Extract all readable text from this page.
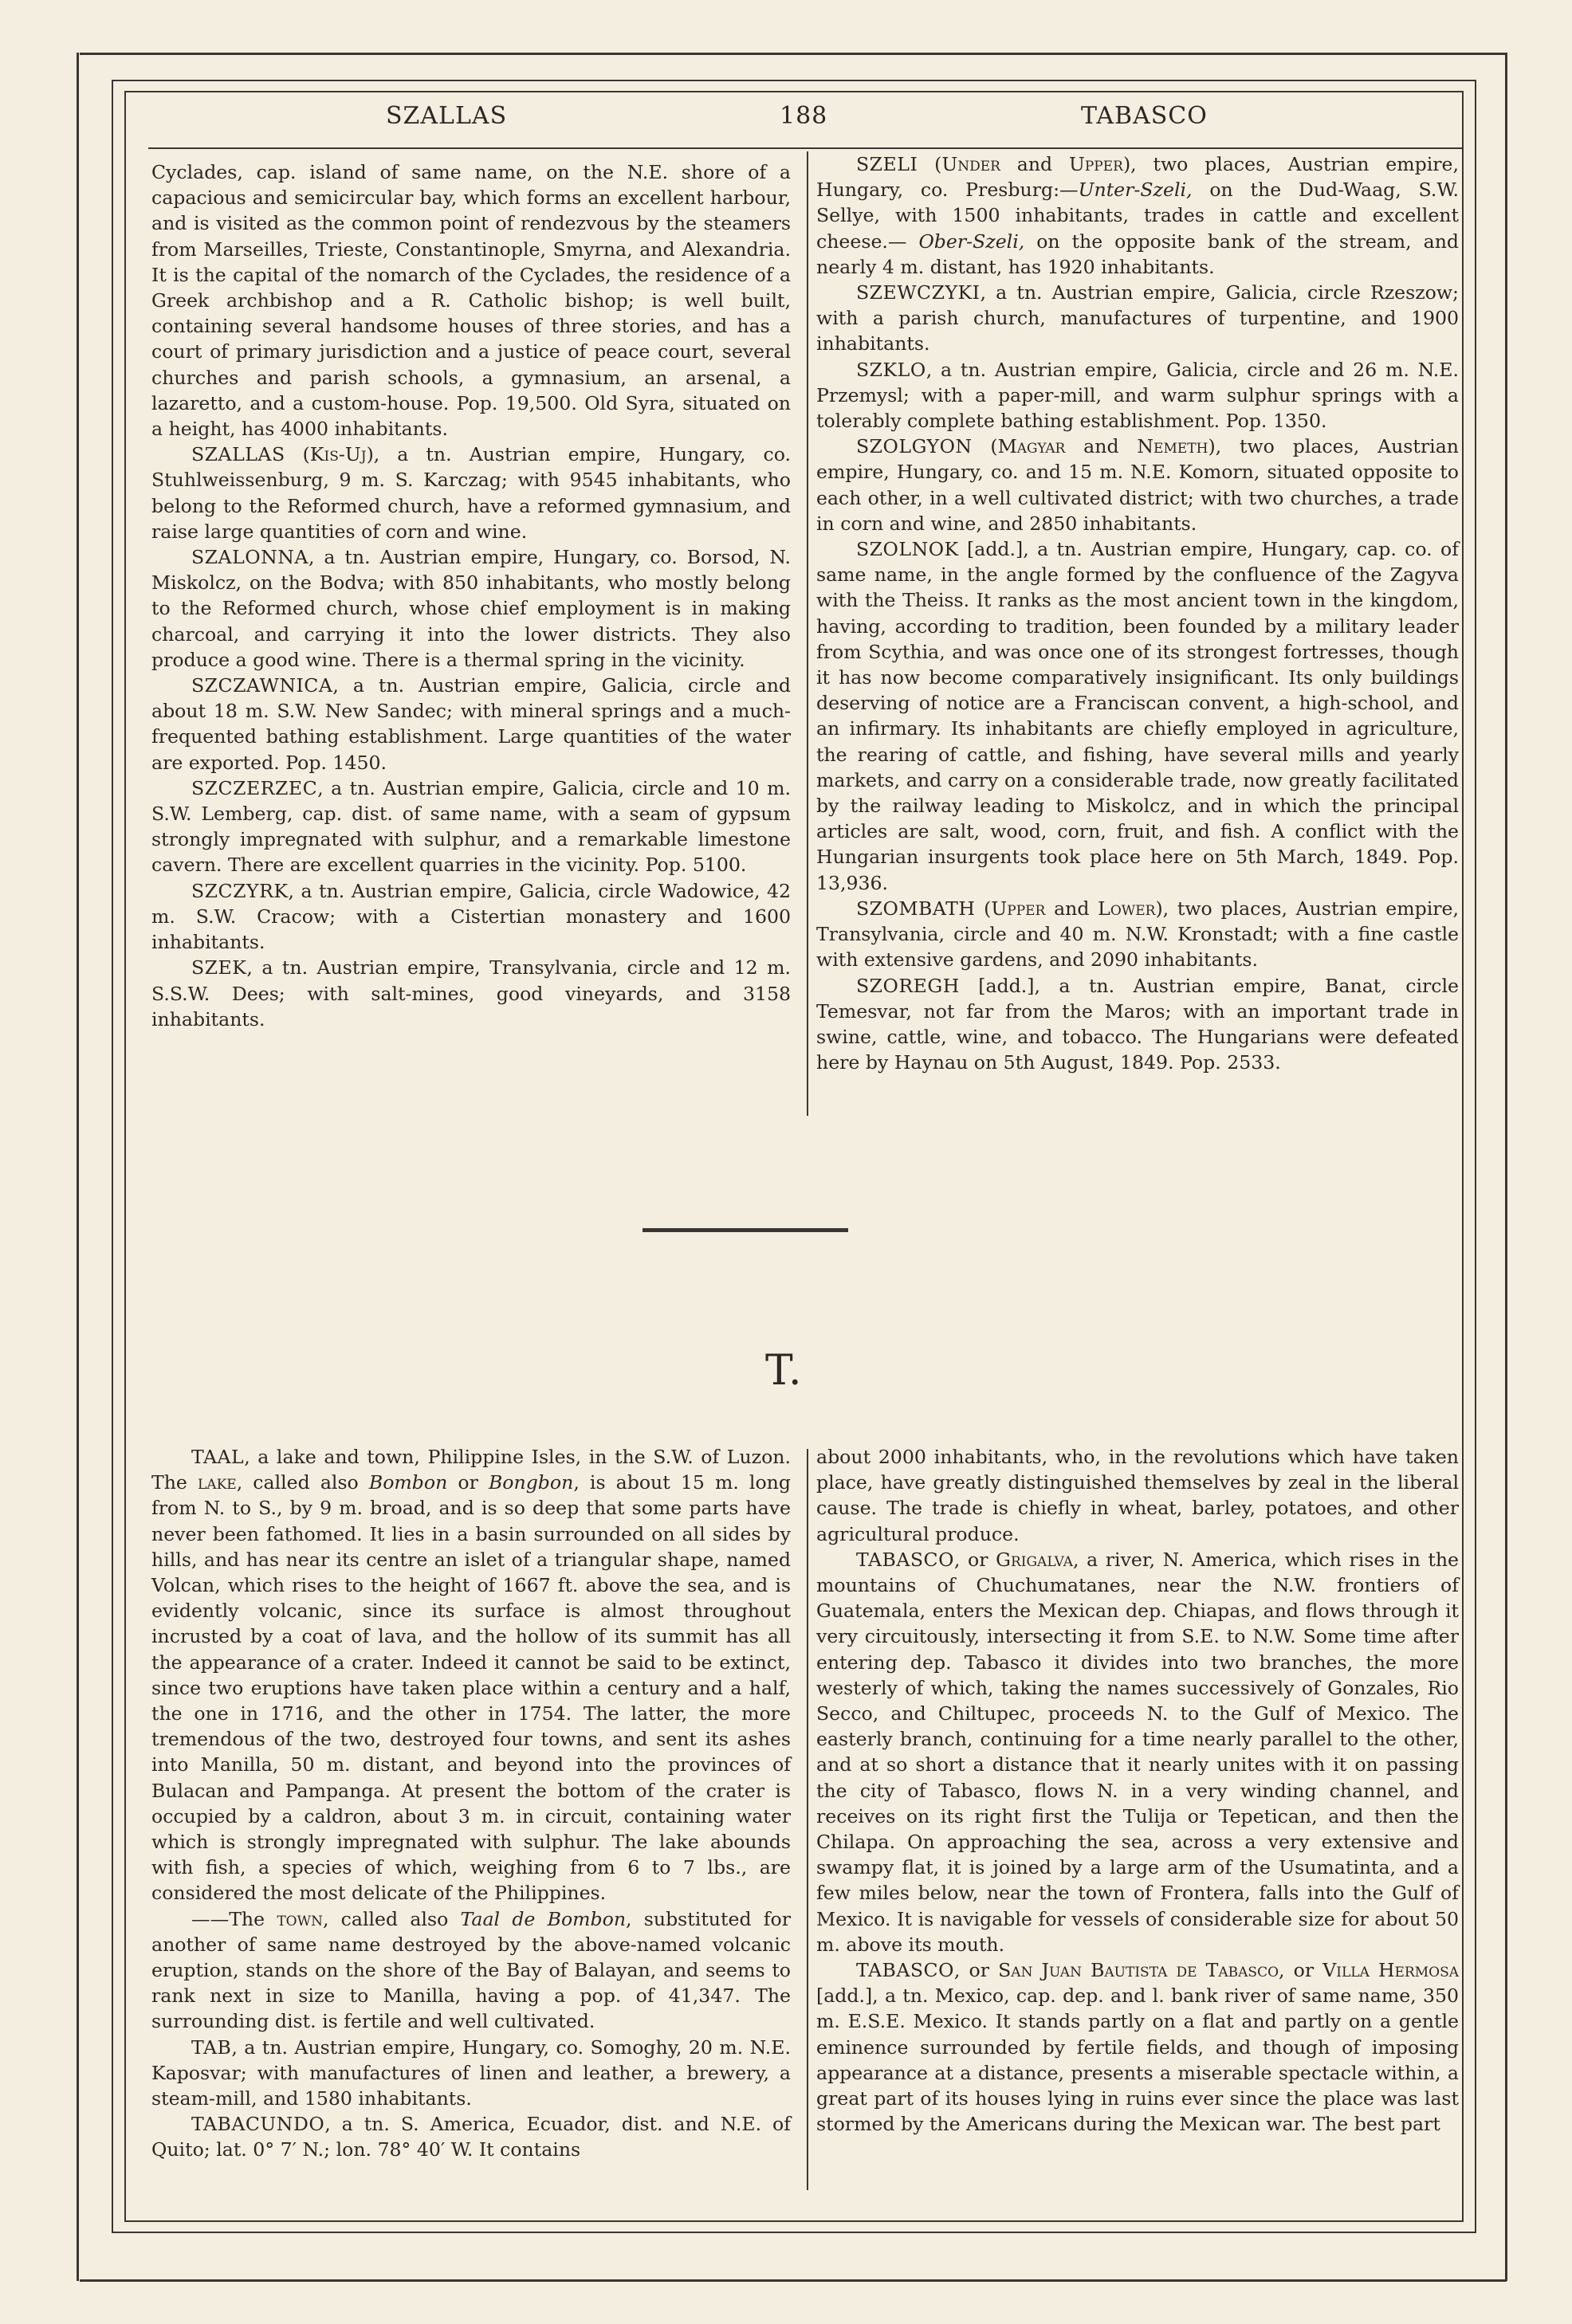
SZALLAS	188	TABASCO

Cyclades, cap. island of same name, on the N.E. shore of a capacious and semicircular bay, which forms an excellent harbour, and is visited as the common point of rendezvous by the steamers from Marseilles, Trieste, Constantinople, Smyrna, and Alexandria. It is the capital of the nomarch of the Cyclades, the residence of a Greek archbishop and a R. Catholic bishop; is well built, containing several handsome houses of three stories, and has a court of primary jurisdiction and a justice of peace court, several churches and parish schools, a gymnasium, an arsenal, a lazaretto, and a custom-house. Pop. 19,500. Old Syra, situated on a height, has 4000 inhabitants.

SZALLAS (Kis-Uj), a tn. Austrian empire, Hungary, co. Stuhlweissenburg, 9 m. S. Karczag; with 9545 inhabitants, who belong to the Reformed church, have a reformed gymnasium, and raise large quantities of corn and wine.

SZALONNA, a tn. Austrian empire, Hungary, co. Borsod, N. Miskolcz, on the Bodva; with 850 inhabitants, who mostly belong to the Reformed church, whose chief employment is in making charcoal, and carrying it into the lower districts. They also produce a good wine. There is a thermal spring in the vicinity.

SZCZAWNICA, a tn. Austrian empire, Galicia, circle and about 18 m. S.W. New Sandec; with mineral springs and a much-frequented bathing establishment. Large quantities of the water are exported. Pop. 1450.

SZCZERZEC, a tn. Austrian empire, Galicia, circle and 10 m. S.W. Lemberg, cap. dist. of same name, with a seam of gypsum strongly impregnated with sulphur, and a remarkable limestone cavern. There are excellent quarries in the vicinity. Pop. 5100.

SZCZYRK, a tn. Austrian empire, Galicia, circle Wadowice, 42 m. S.W. Cracow; with a Cistertian monastery and 1600 inhabitants.

SZEK, a tn. Austrian empire, Transylvania, circle and 12 m. S.S.W. Dees; with salt-mines, good vineyards, and 3158 inhabitants.

SZELI (Under and Upper), two places, Austrian empire, Hungary, co. Presburg:—Unter-Szeli, on the Dud-Waag, S.W. Sellye, with 1500 inhabitants, trades in cattle and excellent cheese.— Ober-Szeli, on the opposite bank of the stream, and nearly 4 m. distant, has 1920 inhabitants.

SZEWCZYKI, a tn. Austrian empire, Galicia, circle Rzeszow; with a parish church, manufactures of turpentine, and 1900 inhabitants.

SZKLO, a tn. Austrian empire, Galicia, circle and 26 m. N.E. Przemysl; with a paper-mill, and warm sulphur springs with a tolerably complete bathing establishment. Pop. 1350.

SZOLGYON (Magyar and Nemeth), two places, Austrian empire, Hungary, co. and 15 m. N.E. Komorn, situated opposite to each other, in a well cultivated district; with two churches, a trade in corn and wine, and 2850 inhabitants.

SZOLNOK [add.], a tn. Austrian empire, Hungary, cap. co. of same name, in the angle formed by the confluence of the Zagyva with the Theiss. It ranks as the most ancient town in the kingdom, having, according to tradition, been founded by a military leader from Scythia, and was once one of its strongest fortresses, though it has now become comparatively insignificant. Its only buildings deserving of notice are a Franciscan convent, a high-school, and an infirmary. Its inhabitants are chiefly employed in agriculture, the rearing of cattle, and fishing, have several mills and yearly markets, and carry on a considerable trade, now greatly facilitated by the railway leading to Miskolcz, and in which the principal articles are salt, wood, corn, fruit, and fish. A conflict with the Hungarian insurgents took place here on 5th March, 1849. Pop. 13,936.

SZOMBATH (Upper and Lower), two places, Austrian empire, Transylvania, circle and 40 m. N.W. Kronstadt; with a fine castle with extensive gardens, and 2090 inhabitants.

SZOREGH [add.], a tn. Austrian empire, Banat, circle Temesvar, not far from the Maros; with an important trade in swine, cattle, wine, and tobacco. The Hungarians were defeated here by Haynau on 5th August, 1849. Pop. 2533.

T.

TAAL, a lake and town, Philippine Isles, in the S.W. of Luzon. The lake, called also Bombon or Bongbon, is about 15 m. long from N. to S., by 9 m. broad, and is so deep that some parts have never been fathomed. It lies in a basin surrounded on all sides by hills, and has near its centre an islet of a triangular shape, named Volcan, which rises to the height of 1667 ft. above the sea, and is evidently volcanic, since its surface is almost throughout incrusted by a coat of lava, and the hollow of its summit has all the appearance of a crater. Indeed it cannot be said to be extinct, since two eruptions have taken place within a century and a half, the one in 1716, and the other in 1754. The latter, the more tremendous of the two, destroyed four towns, and sent its ashes into Manilla, 50 m. distant, and beyond into the provinces of Bulacan and Pampanga. At present the bottom of the crater is occupied by a caldron, about 3 m. in circuit, containing water which is strongly impregnated with sulphur. The lake abounds with fish, a species of which, weighing from 6 to 7 lbs., are considered the most delicate of the Philippines.

——The town, called also Taal de Bombon, substituted for another of same name destroyed by the above-named volcanic eruption, stands on the shore of the Bay of Balayan, and seems to rank next in size to Manilla, having a pop. of 41,347. The surrounding dist. is fertile and well cultivated.

TAB, a tn. Austrian empire, Hungary, co. Somoghy, 20 m. N.E. Kaposvar; with manufactures of linen and leather, a brewery, a steam-mill, and 1580 inhabitants.

TABACUNDO, a tn. S. America, Ecuador, dist. and N.E. of Quito; lat. 0° 7′ N.; lon. 78° 40′ W. It contains

about 2000 inhabitants, who, in the revolutions which have taken place, have greatly distinguished themselves by zeal in the liberal cause. The trade is chiefly in wheat, barley, potatoes, and other agricultural produce.

TABASCO, or Grigalva, a river, N. America, which rises in the mountains of Chuchumatanes, near the N.W. frontiers of Guatemala, enters the Mexican dep. Chiapas, and flows through it very circuitously, intersecting it from S.E. to N.W. Some time after entering dep. Tabasco it divides into two branches, the more westerly of which, taking the names successively of Gonzales, Rio Secco, and Chiltupec, proceeds N. to the Gulf of Mexico. The easterly branch, continuing for a time nearly parallel to the other, and at so short a distance that it nearly unites with it on passing the city of Tabasco, flows N. in a very winding channel, and receives on its right first the Tulija or Tepetican, and then the Chilapa. On approaching the sea, across a very extensive and swampy flat, it is joined by a large arm of the Usumatinta, and a few miles below, near the town of Frontera, falls into the Gulf of Mexico. It is navigable for vessels of considerable size for about 50 m. above its mouth.

TABASCO, or San Juan Bautista de Tabasco, or Villa Hermosa [add.], a tn. Mexico, cap. dep. and l. bank river of same name, 350 m. E.S.E. Mexico. It stands partly on a flat and partly on a gentle eminence surrounded by fertile fields, and though of imposing appearance at a distance, presents a miserable spectacle within, a great part of its houses lying in ruins ever since the place was last stormed by the Americans during the Mexican war. The best part
